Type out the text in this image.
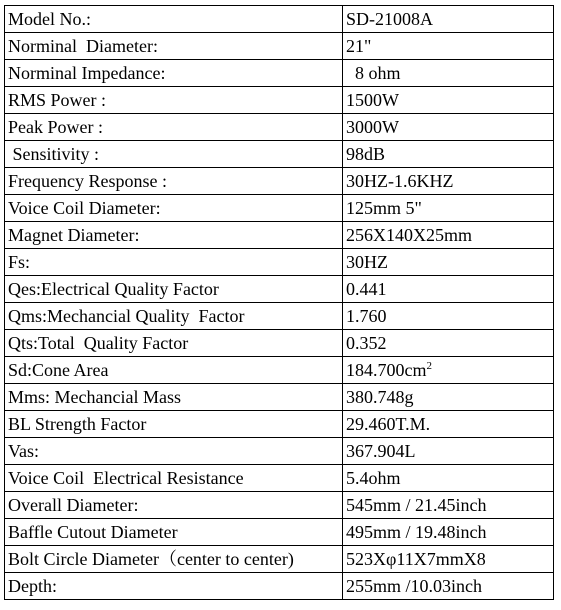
Model No.:	SD-21008A
Norminal  Diameter:	21"
Norminal Impedance:	8 ohm
RMS Power :	1500W
Peak Power :	3000W
Sensitivity :	98dB
Frequency Response :	30HZ-1.6KHZ
Voice Coil Diameter:	125mm 5"
Magnet Diameter:	256X140X25mm
Fs:	30HZ
Qes:Electrical Quality Factor	0.441
Qms:Mechancial Quality  Factor	1.760
Qts:Total  Quality Factor	0.352
Sd:Cone Area	$184.700cm^2$
Mms: Mechancial Mass	380.748g
BL Strength Factor	29.460T.M.
Vas:	367.904L
Voice Coil  Electrical Resistance	5.4ohm
Overall Diameter:	545mm / 21.45inch
Baffle Cutout Diameter	495mm / 19.48inch
Bolt Circle Diameter（center to center)	523Xφ11X7mmX8
Depth:	255mm /10.03inch
